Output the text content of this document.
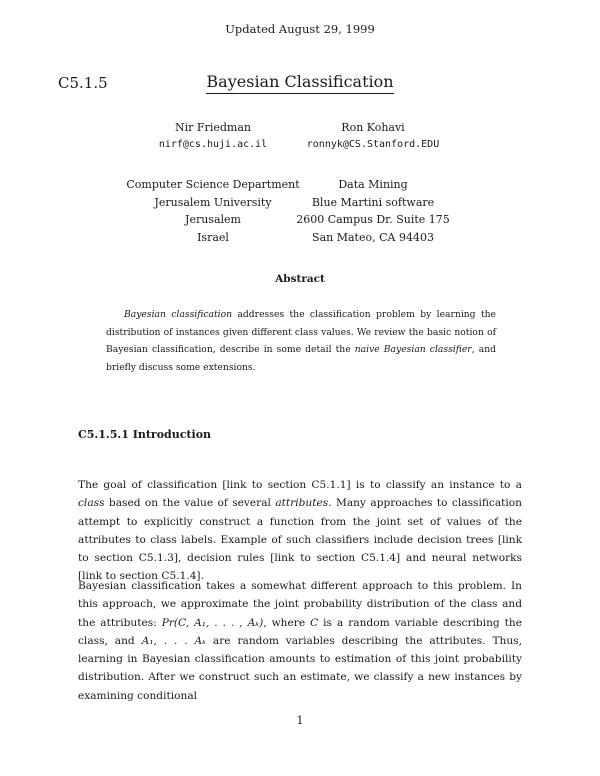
Updated August 29, 1999
C5.1.5	Bayesian Classification
Nir Friedman
nirf@cs.huji.ac.il
Ron Kohavi
ronnyk@CS.Stanford.EDU
Computer Science Department
Jerusalem University
Jerusalem
Israel
Data Mining
Blue Martini software
2600 Campus Dr. Suite 175
San Mateo, CA 94403
Abstract
Bayesian classification addresses the classification problem by learning the distribution of instances given different class values. We review the basic notion of Bayesian classification, describe in some detail the naive Bayesian classifier, and briefly discuss some extensions.
C5.1.5.1 Introduction
The goal of classification [link to section C5.1.1] is to classify an instance to a class based on the value of several attributes. Many approaches to classification attempt to explicitly construct a function from the joint set of values of the attributes to class labels. Example of such classifiers include decision trees [link to section C5.1.3], decision rules [link to section C5.1.4] and neural networks [link to section C5.1.4].
Bayesian classification takes a somewhat different approach to this problem. In this approach, we approximate the joint probability distribution of the class and the attributes: Pr(C, A₁, . . . , Aₖ), where C is a random variable describing the class, and A₁, . . . Aₖ are random variables describing the attributes. Thus, learning in Bayesian classification amounts to estimation of this joint probability distribution. After we construct such an estimate, we classify a new instances by examining conditional
1
